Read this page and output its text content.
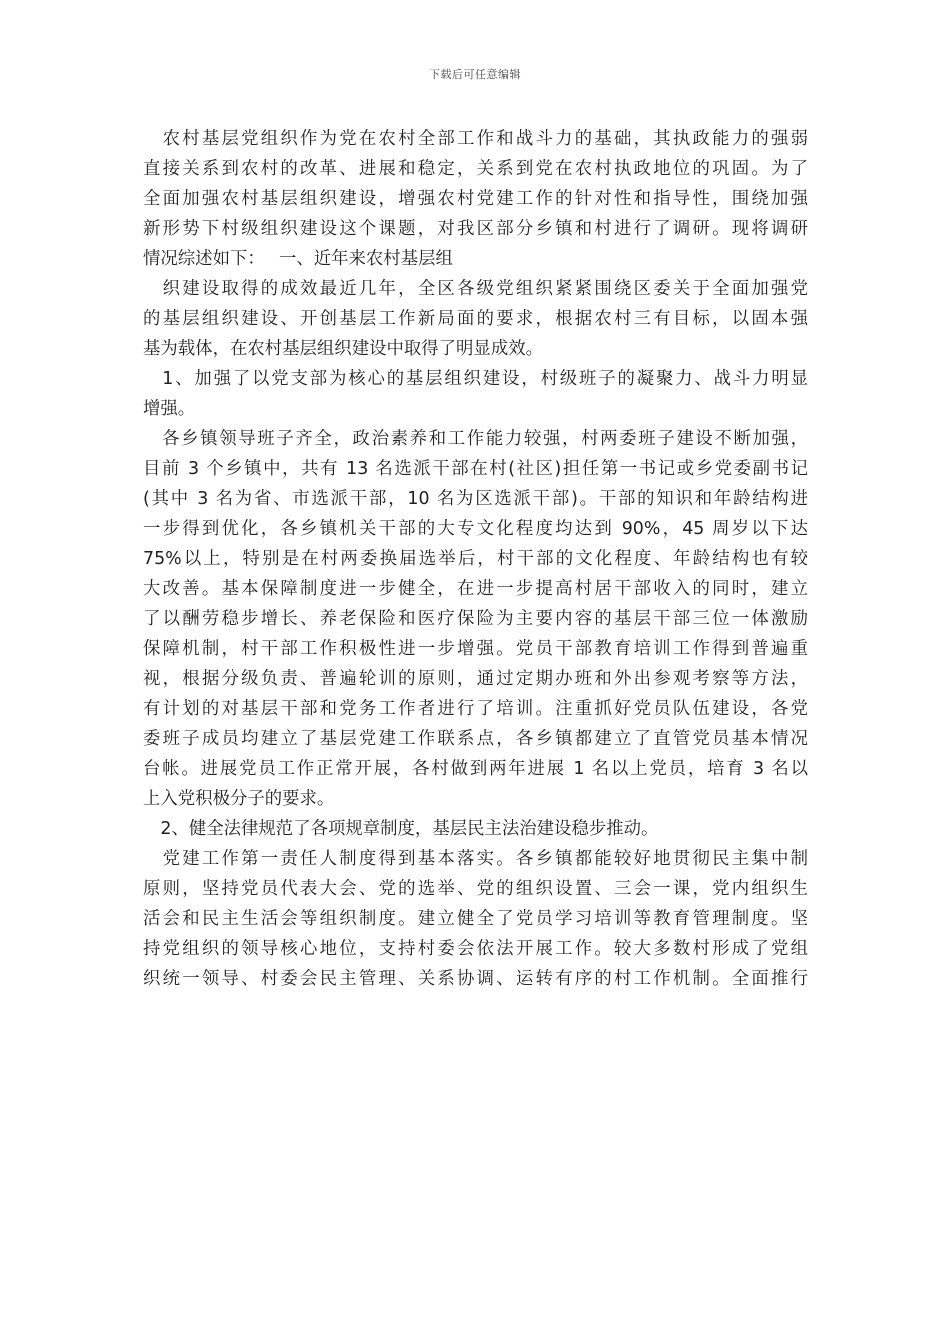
下载后可任意编辑

　农村基层党组织作为党在农村全部工作和战斗力的基础，其执政能力的强弱
直接关系到农村的改革、进展和稳定，关系到党在农村执政地位的巩固。为了
全面加强农村基层组织建设，增强农村党建工作的针对性和指导性，围绕加强
新形势下村级组织建设这个课题，对我区部分乡镇和村进行了调研。现将调研
情况综述如下：　 一、近年来农村基层组

　织建设取得的成效最近几年，全区各级党组织紧紧围绕区委关于全面加强党
的基层组织建设、开创基层工作新局面的要求，根据农村三有目标，以固本强
基为载体，在农村基层组织建设中取得了明显成效。

　1、加强了以党支部为核心的基层组织建设，村级班子的凝聚力、战斗力明显
增强。

　各乡镇领导班子齐全，政治素养和工作能力较强，村两委班子建设不断加强，
目前 3 个乡镇中，共有 13 名选派干部在村(社区)担任第一书记或乡党委副书记
(其中 3 名为省、市选派干部，10 名为区选派干部)。干部的知识和年龄结构进
一步得到优化，各乡镇机关干部的大专文化程度均达到 90%，45 周岁以下达
75%以上，特别是在村两委换届选举后，村干部的文化程度、年龄结构也有较
大改善。基本保障制度进一步健全，在进一步提高村居干部收入的同时，建立
了以酬劳稳步增长、养老保险和医疗保险为主要内容的基层干部三位一体激励
保障机制，村干部工作积极性进一步增强。党员干部教育培训工作得到普遍重
视，根据分级负责、普遍轮训的原则，通过定期办班和外出参观考察等方法，
有计划的对基层干部和党务工作者进行了培训。注重抓好党员队伍建设，各党
委班子成员均建立了基层党建工作联系点，各乡镇都建立了直管党员基本情况
台帐。进展党员工作正常开展，各村做到两年进展 1 名以上党员，培育 3 名以
上入党积极分子的要求。

　2、健全法律规范了各项规章制度，基层民主法治建设稳步推动。

　党建工作第一责任人制度得到基本落实。各乡镇都能较好地贯彻民主集中制
原则，坚持党员代表大会、党的选举、党的组织设置、三会一课，党内组织生
活会和民主生活会等组织制度。建立健全了党员学习培训等教育管理制度。坚
持党组织的领导核心地位，支持村委会依法开展工作。较大多数村形成了党组
织统一领导、村委会民主管理、关系协调、运转有序的村工作机制。全面推行
